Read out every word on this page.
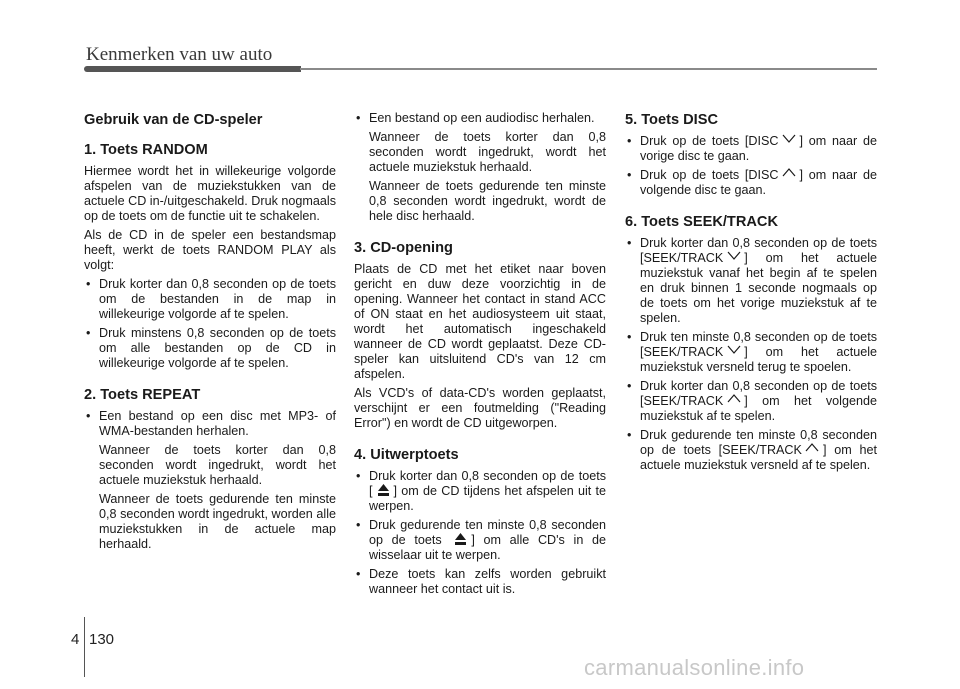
Kenmerken van uw auto
Gebruik van de CD-speler
1. Toets RANDOM
Hiermee wordt het in willekeurige volgorde afspelen van de muziekstukken van de actuele CD in-/uitgeschakeld. Druk nogmaals op de toets om de functie uit te schakelen.
Als de CD in de speler een bestandsmap heeft, werkt de toets RANDOM PLAY als volgt:
• Druk korter dan 0,8 seconden op de toets om de bestanden in de map in willekeurige volgorde af te spelen.
• Druk minstens 0,8 seconden op de toets om alle bestanden op de CD in willekeurige volgorde af te spelen.
2. Toets REPEAT
• Een bestand op een disc met MP3- of WMA-bestanden herhalen.
Wanneer de toets korter dan 0,8 seconden wordt ingedrukt, wordt het actuele muziekstuk herhaald.
Wanneer de toets gedurende ten minste 0,8 seconden wordt ingedrukt, worden alle muziekstukken in de actuele map herhaald.
• Een bestand op een audiodisc herhalen.
Wanneer de toets korter dan 0,8 seconden wordt ingedrukt, wordt het actuele muziekstuk herhaald.
Wanneer de toets gedurende ten minste 0,8 seconden wordt ingedrukt, wordt de hele disc herhaald.
3. CD-opening
Plaats de CD met het etiket naar boven gericht en duw deze voorzichtig in de opening. Wanneer het contact in stand ACC of ON staat en het audiosysteem uit staat, wordt het automatisch ingeschakeld wanneer de CD wordt geplaatst. Deze CD-speler kan uitsluitend CD's van 12 cm afspelen.
Als VCD's of data-CD's worden geplaatst, verschijnt er een foutmelding ("Reading Error") en wordt de CD uitgeworpen.
4. Uitwerptoets
• Druk korter dan 0,8 seconden op de toets [ ] om de CD tijdens het afspelen uit te werpen.
• Druk gedurende ten minste 0,8 seconden op de toets ] om alle CD's in de wisselaar uit te werpen.
• Deze toets kan zelfs worden gebruikt wanneer het contact uit is.
5. Toets DISC
• Druk op de toets [DISC ] om naar de vorige disc te gaan.
• Druk op de toets [DISC ] om naar de volgende disc te gaan.
6. Toets SEEK/TRACK
• Druk korter dan 0,8 seconden op de toets [SEEK/TRACK ] om het actuele muziekstuk vanaf het begin af te spelen en druk binnen 1 seconde nogmaals op de toets om het vorige muziekstuk af te spelen.
• Druk ten minste 0,8 seconden op de toets [SEEK/TRACK ] om het actuele muziekstuk versneld terug te spoelen.
• Druk korter dan 0,8 seconden op de toets [SEEK/TRACK ] om het volgende muziekstuk af te spelen.
• Druk gedurende ten minste 0,8 seconden op de toets [SEEK/TRACK ] om het actuele muziekstuk versneld af te spelen.
4 130
carmanualsonline.info
